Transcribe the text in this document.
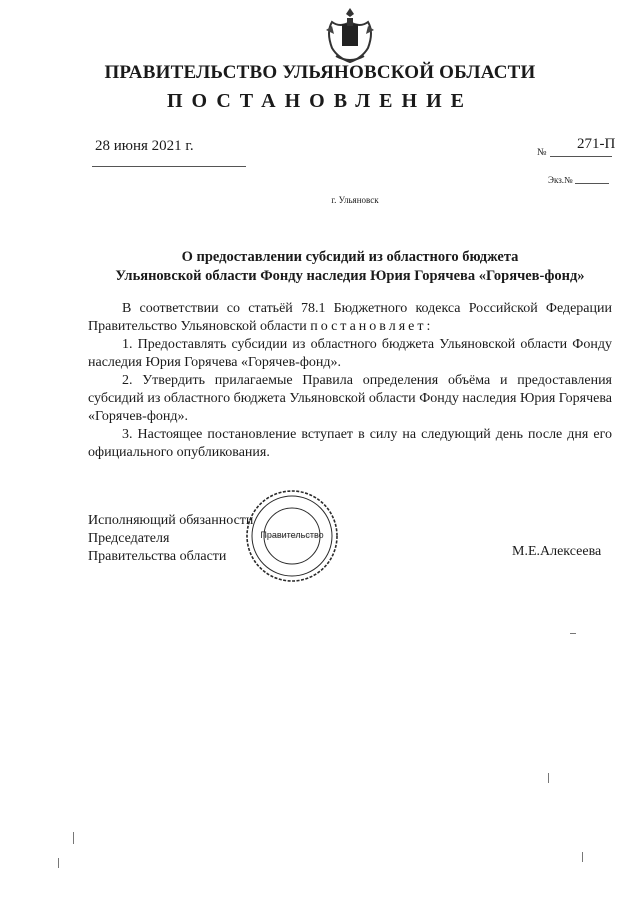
ПРАВИТЕЛЬСТВО УЛЬЯНОВСКОЙ ОБЛАСТИ
ПОСТАНОВЛЕНИЕ
28 июня 2021 г.	№
271-П
Экз.№
г. Ульяновск
О предоставлении субсидий из областного бюджета
Ульяновской области Фонду наследия Юрия Горячева «Горячев-фонд»

В соответствии со статьёй 78.1 Бюджетного кодекса Российской Федерации Правительство Ульяновской области постановляет:

1. Предоставлять субсидии из областного бюджета Ульяновской области Фонду наследия Юрия Горячева «Горячев-фонд».

2. Утвердить прилагаемые Правила определения объёма и предоставления субсидий из областного бюджета Ульяновской области Фонду наследия Юрия Горячева «Горячев-фонд».

3. Настоящее постановление вступает в силу на следующий день после дня его официального опубликования.

Исполняющий обязанности
Председателя
Правительства области
Правительство
М.Е.Алексеева
